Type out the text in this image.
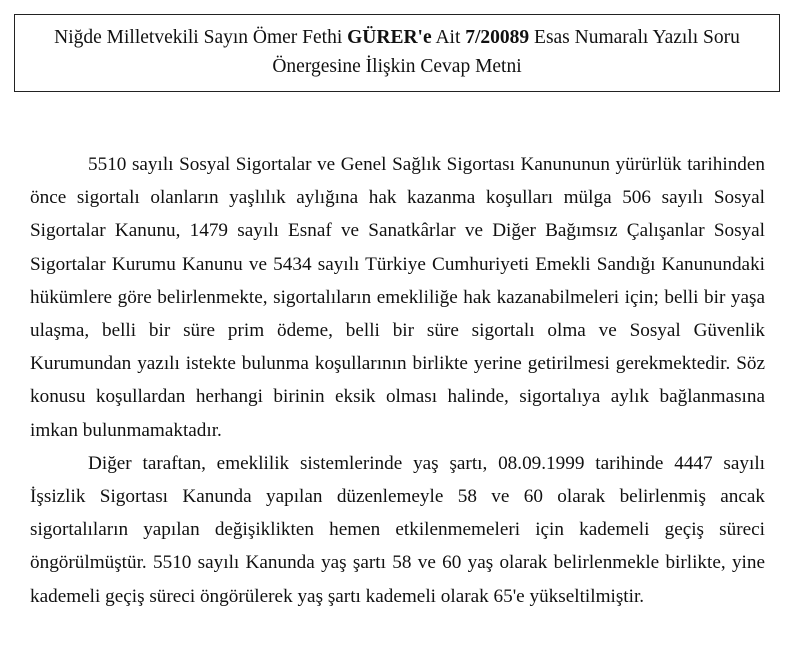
Niğde Milletvekili Sayın Ömer Fethi GÜRER'e Ait 7/20089 Esas Numaralı Yazılı Soru
Önergesine İlişkin Cevap Metni

5510 sayılı Sosyal Sigortalar ve Genel Sağlık Sigortası Kanununun yürürlük tarihinden önce sigortalı olanların yaşlılık aylığına hak kazanma koşulları mülga 506 sayılı Sosyal Sigortalar Kanunu, 1479 sayılı Esnaf ve Sanatkârlar ve Diğer Bağımsız Çalışanlar Sosyal Sigortalar Kurumu Kanunu ve 5434 sayılı Türkiye Cumhuriyeti Emekli Sandığı Kanunundaki hükümlere göre belirlenmekte, sigortalıların emekliliğe hak kazanabilmeleri için; belli bir yaşa ulaşma, belli bir süre prim ödeme, belli bir süre sigortalı olma ve Sosyal Güvenlik Kurumundan yazılı istekte bulunma koşullarının birlikte yerine getirilmesi gerekmektedir. Söz konusu koşullardan herhangi birinin eksik olması halinde, sigortalıya aylık bağlanmasına imkan bulunmamaktadır.

Diğer taraftan, emeklilik sistemlerinde yaş şartı, 08.09.1999 tarihinde 4447 sayılı İşsizlik Sigortası Kanunda yapılan düzenlemeyle 58 ve 60 olarak belirlenmiş ancak sigortalıların yapılan değişiklikten hemen etkilenmemeleri için kademeli geçiş süreci öngörülmüştür. 5510 sayılı Kanunda yaş şartı 58 ve 60 yaş olarak belirlenmekle birlikte, yine kademeli geçiş süreci öngörülerek yaş şartı kademeli olarak 65'e yükseltilmiştir.
